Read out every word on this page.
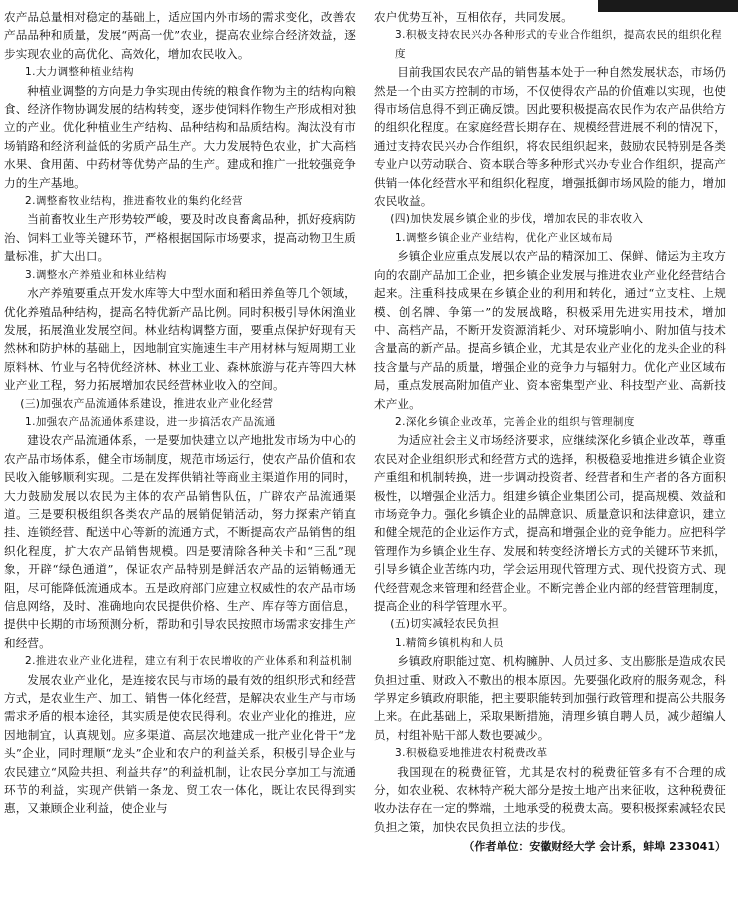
农产品总量相对稳定的基础上，适应国内外市场的需求变化，改善农产品品种和质量，发展“两高一优”农业，提高农业综合经济效益，逐步实现农业的高优化、高效化，增加农民收入。

1.大力调整种植业结构

种植业调整的方向是力争实现由传统的粮食作物为主的结构向粮食、经济作物协调发展的结构转变，逐步使饲料作物生产形成相对独立的产业。优化种植业生产结构、品种结构和品质结构。淘汰没有市场销路和经济利益低的劣质产品生产。大力发展特色农业，扩大高档水果、食用菌、中药材等优势产品的生产。建成和推广一批较强竞争力的生产基地。

2.调整畜牧业结构，推进畜牧业的集约化经营

当前畜牧业生产形势较严峻，要及时改良畜禽品种，抓好疫病防治、饲料工业等关键环节，严格根据国际市场要求，提高动物卫生质量标准，扩大出口。

3.调整水产养殖业和林业结构

水产养殖要重点开发水库等大中型水面和稻田养鱼等几个领域，优化养殖品种结构，提高名特优新产品比例。同时积极引导休闲渔业发展，拓展渔业发展空间。林业结构调整方面，要重点保护好现有天然林和防护林的基础上，因地制宜实施速生丰产用材林与短周期工业原料林、竹业与名特优经济林、林业工业、森林旅游与花卉等四大林业产业工程，努力拓展增加农民经营林业收入的空间。

(三)加强农产品流通体系建设，推进农业产业化经营
1.加强农产品流通体系建设，进一步搞活农产品流通

建设农产品流通体系，一是要加快建立以产地批发市场为中心的农产品市场体系，健全市场制度，规范市场运行，使农产品价值和农民收入能够顺利实现。二是在发挥供销社等商业主渠道作用的同时，大力鼓励发展以农民为主体的农产品销售队伍，广辟农产品流通渠道。三是要积极组织各类农产品的展销促销活动，努力探索产销直挂、连锁经营、配送中心等新的流通方式，不断提高农产品销售的组织化程度，扩大农产品销售规模。四是要清除各种关卡和“三乱”现象，开辟“绿色通道”，保证农产品特别是鲜活农产品的运销畅通无阻，尽可能降低流通成本。五是政府部门应建立权威性的农产品市场信息网络，及时、准确地向农民提供价格、生产、库存等方面信息，提供中长期的市场预测分析，帮助和引导农民按照市场需求安排生产和经营。

2.推进农业产业化进程，建立有利于农民增收的产业体系和利益机制

发展农业产业化，是连接农民与市场的最有效的组织形式和经营方式，是农业生产、加工、销售一体化经营，是解决农业生产与市场需求矛盾的根本途径，其实质是使农民得利。农业产业化的推进，应因地制宜，认真规划。应多渠道、高层次地建成一批产业化骨干“龙头”企业，同时理顺“龙头”企业和农户的利益关系，积极引导企业与农民建立“风险共担、利益共存”的利益机制，让农民分享加工与流通环节的利益，实现产供销一条龙、贸工农一体化，既让农民得到实惠，又兼顾企业利益，使企业与

农户优势互补，互相依存，共同发展。

3.积极支持农民兴办各种形式的专业合作组织，提高农民的组织化程度

目前我国农民农产品的销售基本处于一种自然发展状态，市场仍然是一个由买方控制的市场，不仅使得农产品的价值难以实现，也使得市场信息得不到正确反馈。因此要积极提高农民作为农产品供给方的组织化程度。在家庭经营长期存在、规模经营进展不利的情况下，通过支持农民兴办合作组织，将农民组织起来，鼓励农民特别是各类专业户以劳动联合、资本联合等多种形式兴办专业合作组织，提高产供销一体化经营水平和组织化程度，增强抵御市场风险的能力，增加农民收益。

(四)加快发展乡镇企业的步伐，增加农民的非农收入
1.调整乡镇企业产业结构，优化产业区域布局

乡镇企业应重点发展以农产品的精深加工、保鲜、储运为主攻方向的农副产品加工企业，把乡镇企业发展与推进农业产业化经营结合起来。注重科技成果在乡镇企业的利用和转化，通过“立支柱、上规模、创名牌、争第一”的发展战略，积极采用先进实用技术，增加中、高档产品，不断开发资源消耗少、对环境影响小、附加值与技术含量高的新产品。提高乡镇企业，尤其是农业产业化的龙头企业的科技含量与产品的质量，增强企业的竞争力与辐射力。优化产业区域布局，重点发展高附加值产业、资本密集型产业、科技型产业、高新技术产业。

2.深化乡镇企业改革，完善企业的组织与管理制度

为适应社会主义市场经济要求，应继续深化乡镇企业改革，尊重农民对企业组织形式和经营方式的选择，积极稳妥地推进乡镇企业资产重组和机制转换，进一步调动投资者、经营者和生产者的各方面积极性，以增强企业活力。组建乡镇企业集团公司，提高规模、效益和市场竞争力。强化乡镇企业的品牌意识、质量意识和法律意识，建立和健全规范的企业运作方式，提高和增强企业的竞争能力。应把科学管理作为乡镇企业生存、发展和转变经济增长方式的关键环节来抓，引导乡镇企业苦练内功，学会运用现代管理方式、现代投资方式、现代经营观念来管理和经营企业。不断完善企业内部的经营管理制度，提高企业的科学管理水平。

(五)切实减轻农民负担
1.精简乡镇机构和人员

乡镇政府职能过宽、机构臃肿、人员过多、支出膨胀是造成农民负担过重、财政入不敷出的根本原因。先要强化政府的服务观念，科学界定乡镇政府职能，把主要职能转到加强行政管理和提高公共服务上来。在此基础上，采取果断措施，清理乡镇自聘人员，减少超编人员，村组补贴干部人数也要减少。

3.积极稳妥地推进农村税费改革

我国现在的税费征管，尤其是农村的税费征管多有不合理的成分，如农业税、农林特产税大部分是按土地产出来征收，这种税费征收办法存在一定的弊端，土地承受的税费太高。要积极探索减轻农民负担之策，加快农民负担立法的步伐。

（作者单位：安徽财经大学 会计系，蚌埠 233041）
